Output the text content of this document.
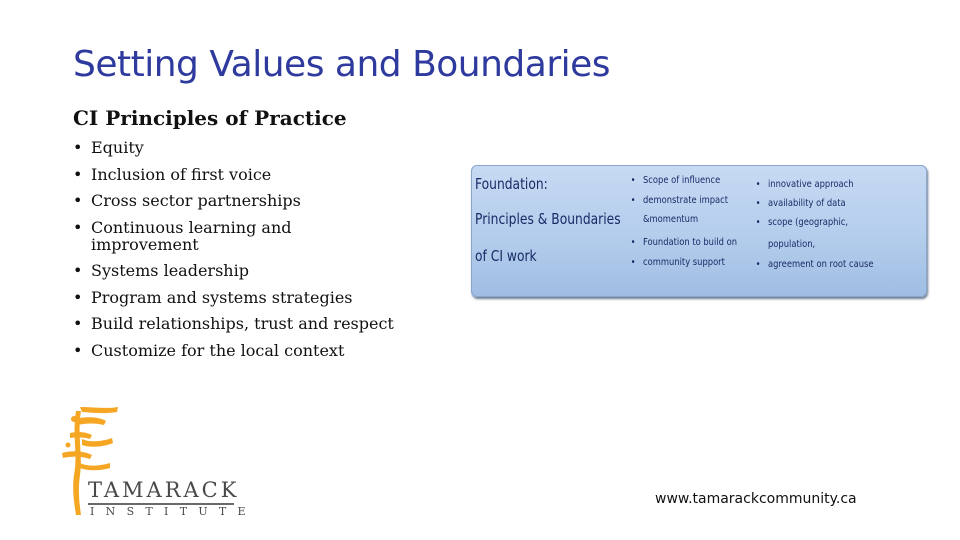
Setting Values and Boundaries
CI Principles of Practice
• Equity
• Inclusion of first voice
• Cross sector partnerships
• Continuous learning and improvement
• Systems leadership
• Program and systems strategies
• Build relationships, trust and respect
• Customize for the local context
Foundation:
Principles & Boundaries
of CI work
• Scope of influence
• demonstrate impact
&momentum
• Foundation to build on
• community support
• innovative approach
• availability of data
• scope (geographic,
population,
• agreement on root cause
TAMARACK
INSTITUTE
www.tamarackcommunity.ca
